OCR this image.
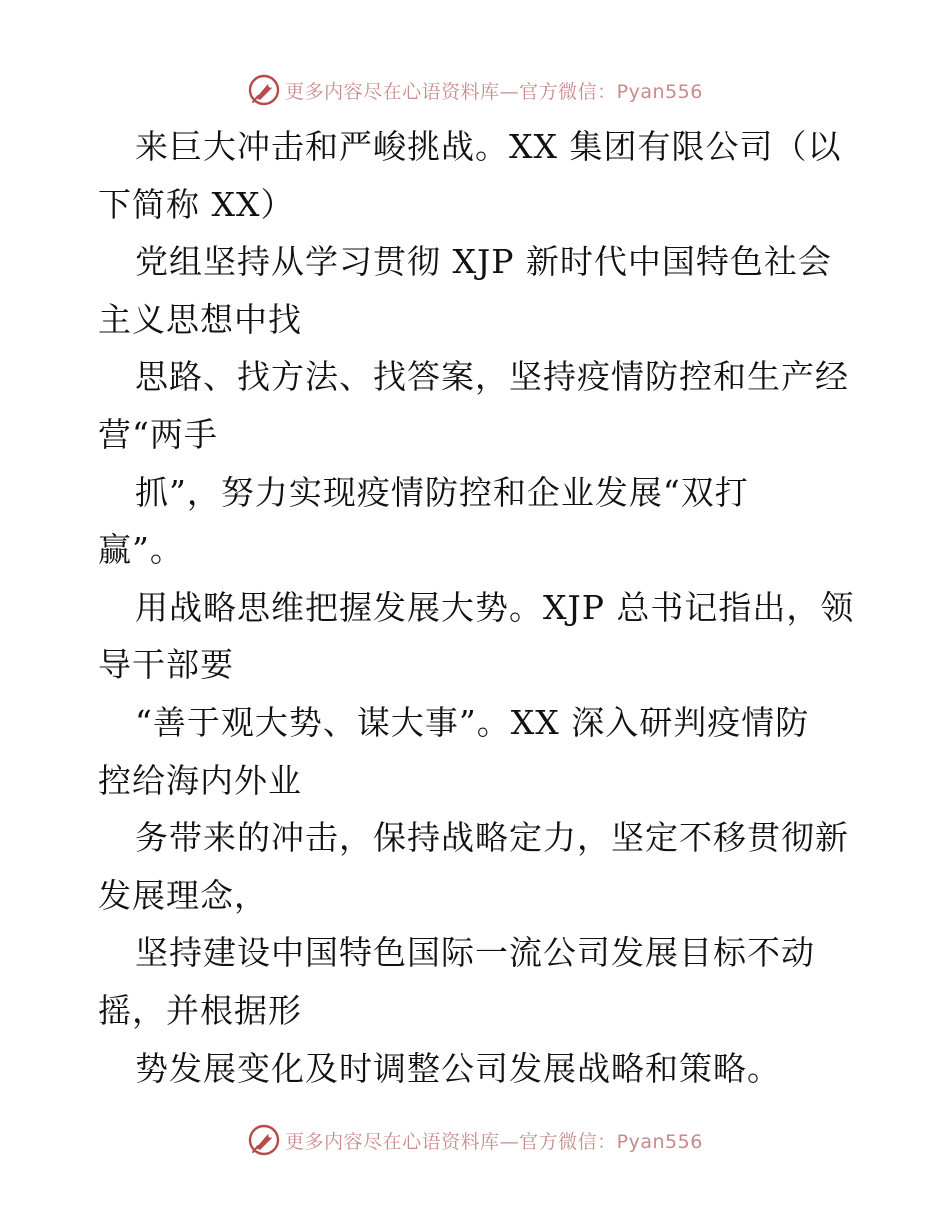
更多内容尽在心语资料库—官方微信：Pyan556
来巨大冲击和严峻挑战。XX 集团有限公司（以
下简称 XX）
党组坚持从学习贯彻 XJP 新时代中国特色社会
主义思想中找
思路、找方法、找答案，坚持疫情防控和生产经
营“两手
抓”，努力实现疫情防控和企业发展“双打
赢”。
用战略思维把握发展大势。XJP 总书记指出，领
导干部要
“善于观大势、谋大事”。XX 深入研判疫情防
控给海内外业
务带来的冲击，保持战略定力，坚定不移贯彻新
发展理念，
坚持建设中国特色国际一流公司发展目标不动
摇，并根据形
势发展变化及时调整公司发展战略和策略。
更多内容尽在心语资料库—官方微信：Pyan556
